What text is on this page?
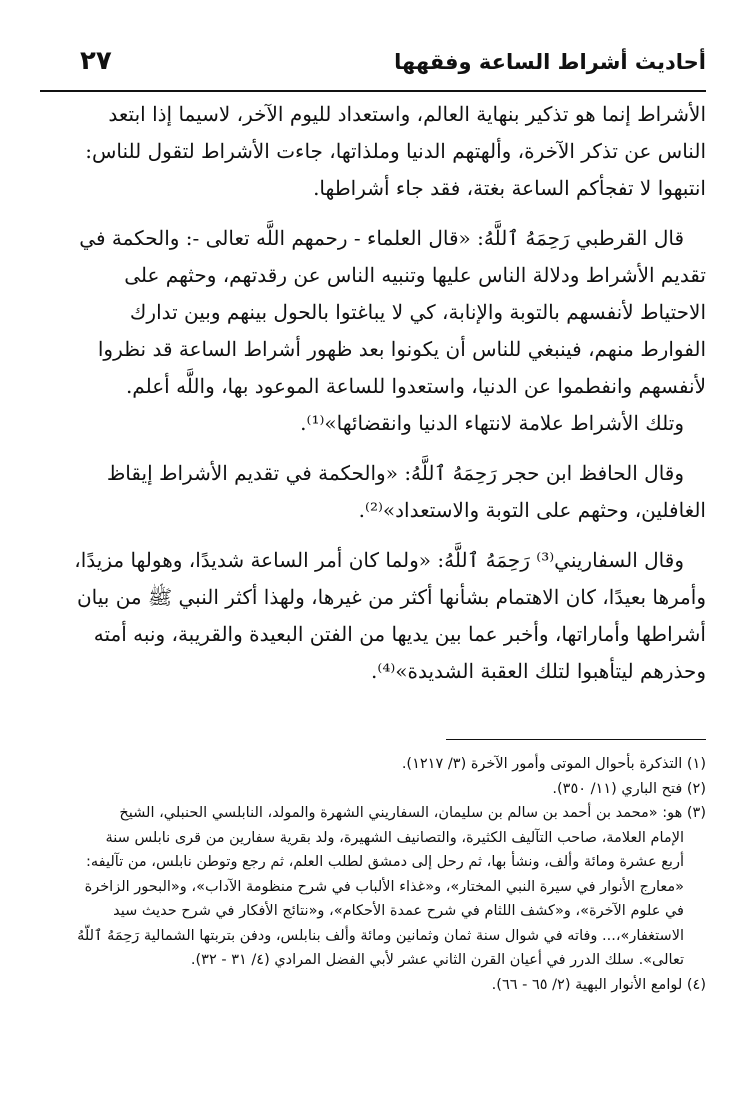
أحاديث أشراط الساعة وفقهها
٢٧
الأشراط إنما هو تذكير بنهاية العالم، واستعداد لليوم الآخر، لاسيما إذا ابتعد
الناس عن تذكر الآخرة، وألهتهم الدنيا وملذاتها، جاءت الأشراط لتقول للناس:
انتبهوا لا تفجأكم الساعة بغتة، فقد جاء أشراطها.
قال القرطبي رَحِمَهُ ٱللَّهُ: «قال العلماء - رحمهم اللَّه تعالى -: والحكمة في
تقديم الأشراط ودلالة الناس عليها وتنبيه الناس عن رقدتهم، وحثهم على
الاحتياط لأنفسهم بالتوبة والإنابة، كي لا يباغتوا بالحول بينهم وبين تدارك
الفوارط منهم، فينبغي للناس أن يكونوا بعد ظهور أشراط الساعة قد نظروا
لأنفسهم وانفطموا عن الدنيا، واستعدوا للساعة الموعود بها، واللَّه أعلم.
وتلك الأشراط علامة لانتهاء الدنيا وانقضائها»⁽¹⁾.
وقال الحافظ ابن حجر رَحِمَهُ ٱللَّهُ: «والحكمة في تقديم الأشراط إيقاظ
الغافلين، وحثهم على التوبة والاستعداد»⁽²⁾.
وقال السفاريني⁽³⁾ رَحِمَهُ ٱللَّهُ: «ولما كان أمر الساعة شديدًا، وهولها مزيدًا،
وأمرها بعيدًا، كان الاهتمام بشأنها أكثر من غيرها، ولهذا أكثر النبي ﷺ من بيان
أشراطها وأماراتها، وأخبر عما بين يديها من الفتن البعيدة والقريبة، ونبه أمته
وحذرهم ليتأهبوا لتلك العقبة الشديدة»⁽⁴⁾.
(١) التذكرة بأحوال الموتى وأمور الآخرة (٣/ ١٢١٧).
(٢) فتح الباري (١١/ ٣٥٠).
(٣) هو: «محمد بن أحمد بن سالم بن سليمان، السفاريني الشهرة والمولد، النابلسي الحنبلي، الشيخ
الإمام العلامة، صاحب التآليف الكثيرة، والتصانيف الشهيرة، ولد بقرية سفارين من قرى نابلس سنة
أربع عشرة ومائة وألف، ونشأ بها، ثم رحل إلى دمشق لطلب العلم، ثم رجع وتوطن نابلس، من تآليفه:
«معارج الأنوار في سيرة النبي المختار»، و«غذاء الألباب في شرح منظومة الآداب»، و«البحور الزاخرة
في علوم الآخرة»، و«كشف اللثام في شرح عمدة الأحكام»، و«نتائج الأفكار في شرح حديث سيد
الاستغفار»،... وفاته في شوال سنة ثمان وثمانين ومائة وألف بنابلس، ودفن بتربتها الشمالية رَحِمَهُ ٱللَّهُ
تعالى». سلك الدرر في أعيان القرن الثاني عشر لأبي الفضل المرادي (٤/ ٣١ - ٣٢).
(٤) لوامع الأنوار البهية (٢/ ٦٥ - ٦٦).
